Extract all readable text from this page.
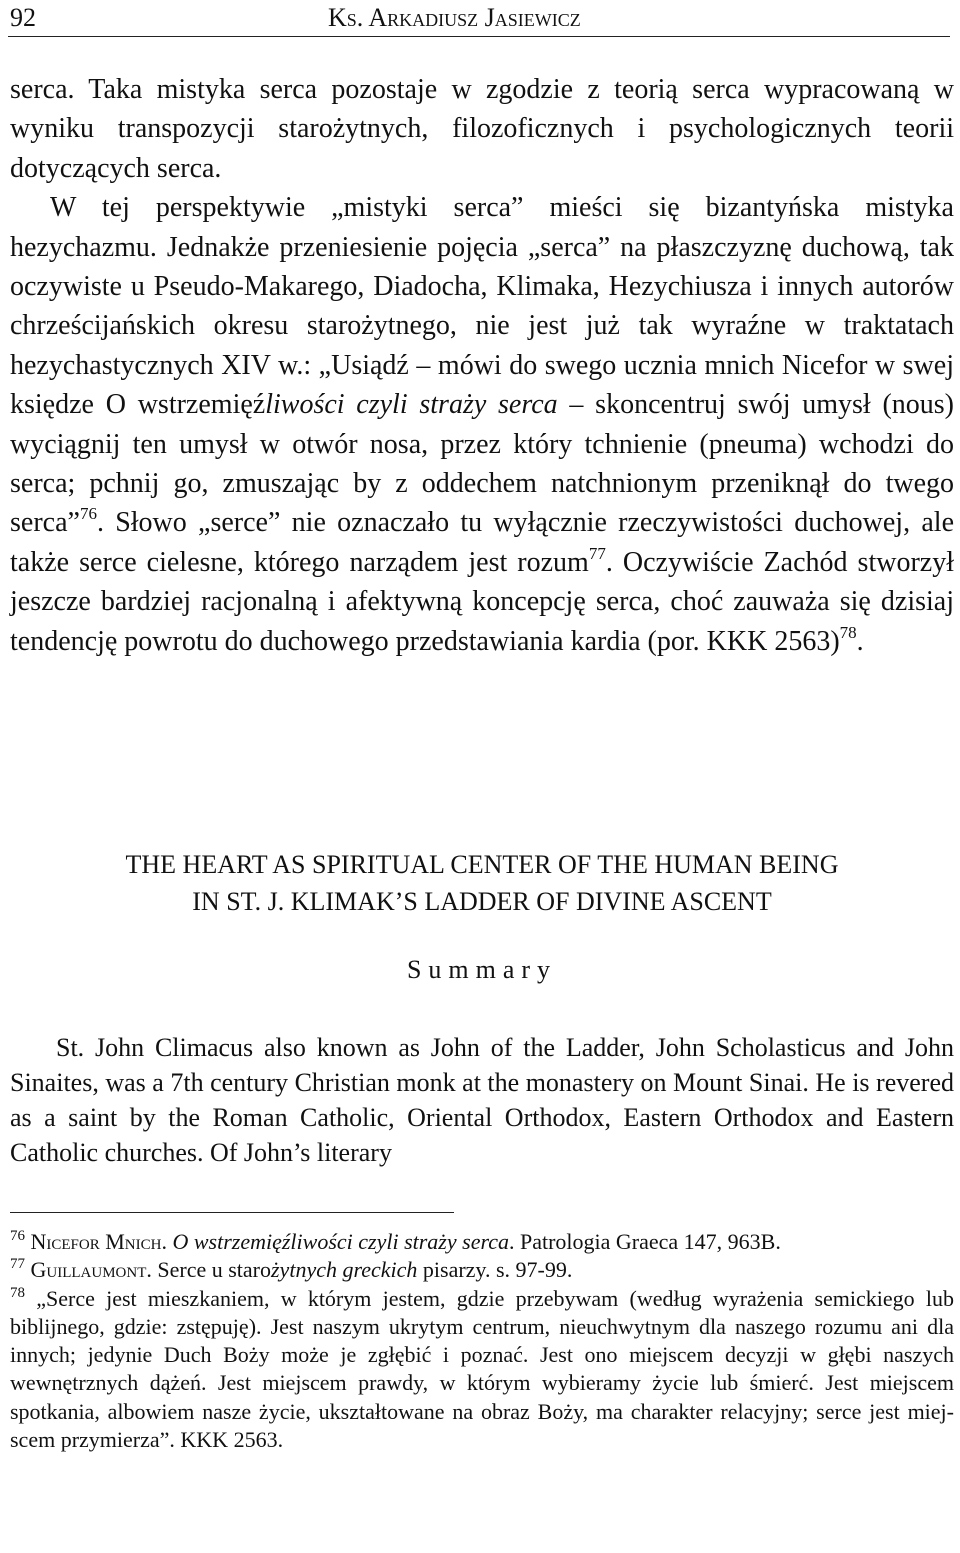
92	Ks. Arkadiusz Jasiewicz

serca. Taka mistyka serca pozostaje w zgodzie z teorią serca wypracowaną w wyniku transpozycji starożytnych, filozoficznych i psychologicznych teorii dotyczących serca.

W tej perspektywie „mistyki serca” mieści się bizantyńska mistyka hezychazmu. Jednakże przeniesienie pojęcia „serca” na płaszczyznę duchową, tak oczywiste u Pseudo-Makarego, Diadocha, Klimaka, Hezychiusza i innych autorów chrześcijańskich okresu starożytnego, nie jest już tak wyraźne w traktatach hezychastycznych XIV w.: „Usiądź – mówi do swego ucznia mnich Nicefor w swej księdze O wstrzemięźliwości czyli straży serca – skoncentruj swój umysł (nous) wyciągnij ten umysł w otwór nosa, przez który tchnienie (pneuma) wchodzi do serca; pchnij go, zmuszając by z oddechem natchnionym przeniknął do twego serca”$^{76}$. Słowo „serce” nie oznaczało tu wyłącznie rzeczywistości duchowej, ale także serce cielesne, którego narządem jest rozum$^{77}$. Oczywiście Zachód stworzył jeszcze bardziej racjonalną i afektywną koncepcję serca, choć zauważa się dzisiaj tendencję powrotu do duchowego przedstawiania kardia (por. KKK 2563)$^{78}$.

THE HEART AS SPIRITUAL CENTER OF THE HUMAN BEING
IN ST. J. KLIMAK’S LADDER OF DIVINE ASCENT
Summary

St. John Climacus also known as John of the Ladder, John Scholasticus and John Sinaites, was a 7th century Christian monk at the monastery on Mount Sinai. He is revered as a saint by the Roman Catholic, Oriental Orthodox, Eastern Orthodox and Eastern Catholic churches. Of John’s literary

$^{76}$ Nicefor Mnich. O wstrzemięźliwości czyli straży serca. Patrologia Graeca 147, 963B.

$^{77}$ Guillaumont. Serce u starożytnych greckich pisarzy. s. 97-99.

$^{78}$ „Serce jest mieszkaniem, w którym jestem, gdzie przebywam (według wyrażenia semickiego lub biblijnego, gdzie: zstępuję). Jest naszym ukrytym centrum, nieuchwytnym dla naszego rozumu ani dla innych; jedynie Duch Boży może je zgłębić i poznać. Jest ono miejscem decyzji w głębi naszych wewnętrznych dążeń. Jest miejscem prawdy, w którym wybieramy życie lub śmierć. Jest miejscem spotkania, albowiem nasze życie, ukształtowane na obraz Boży, ma charakter relacyjny; serce jest miejscem przymierza”. KKK 2563.
